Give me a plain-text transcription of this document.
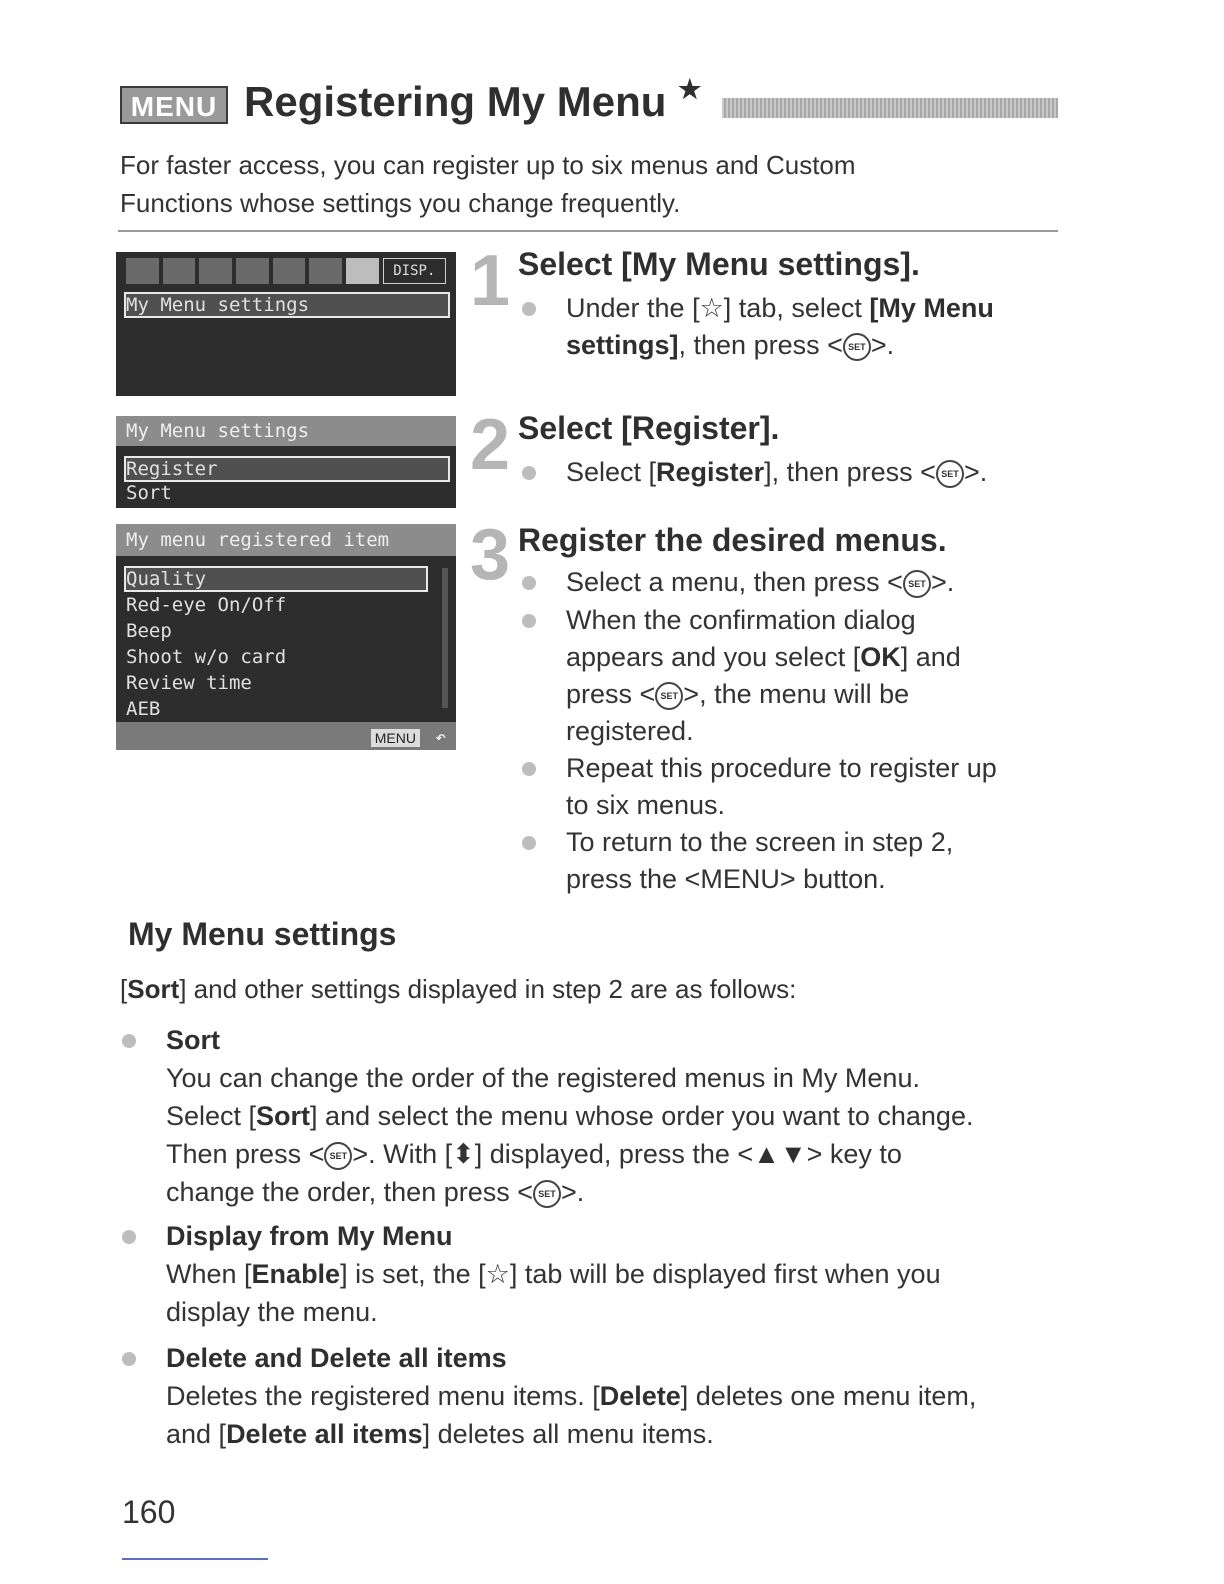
MENU Registering My Menu ★
For faster access, you can register up to six menus and Custom
Functions whose settings you change frequently.
DISP.
My Menu settings	1
My Menu settings
Register
Sort
2
My menu registered item
Quality
Red-eye On/Off
Beep
Shoot w/o card
Review time
AEB
MENU ↶
3
Select [My Menu settings].
Under the [☆] tab, select [My Menu
settings], then press < SET >.
Select [Register].
Select [Register], then press < SET >.
Register the desired menus.
Select a menu, then press < SET >.
When the confirmation dialog
appears and you select [OK] and
press < SET >, the menu will be
registered.
Repeat this procedure to register up
to six menus.
To return to the screen in step 2,
press the <MENU> button.
My Menu settings
[Sort] and other settings displayed in step 2 are as follows:
Sort
You can change the order of the registered menus in My Menu.
Select [Sort] and select the menu whose order you want to change.
Then press < SET >. With [⬍] displayed, press the <▲▼> key to
change the order, then press < SET >.
Display from My Menu
When [Enable] is set, the [☆] tab will be displayed first when you
display the menu.
Delete and Delete all items
Deletes the registered menu items. [Delete] deletes one menu item,
and [Delete all items] deletes all menu items.
160
